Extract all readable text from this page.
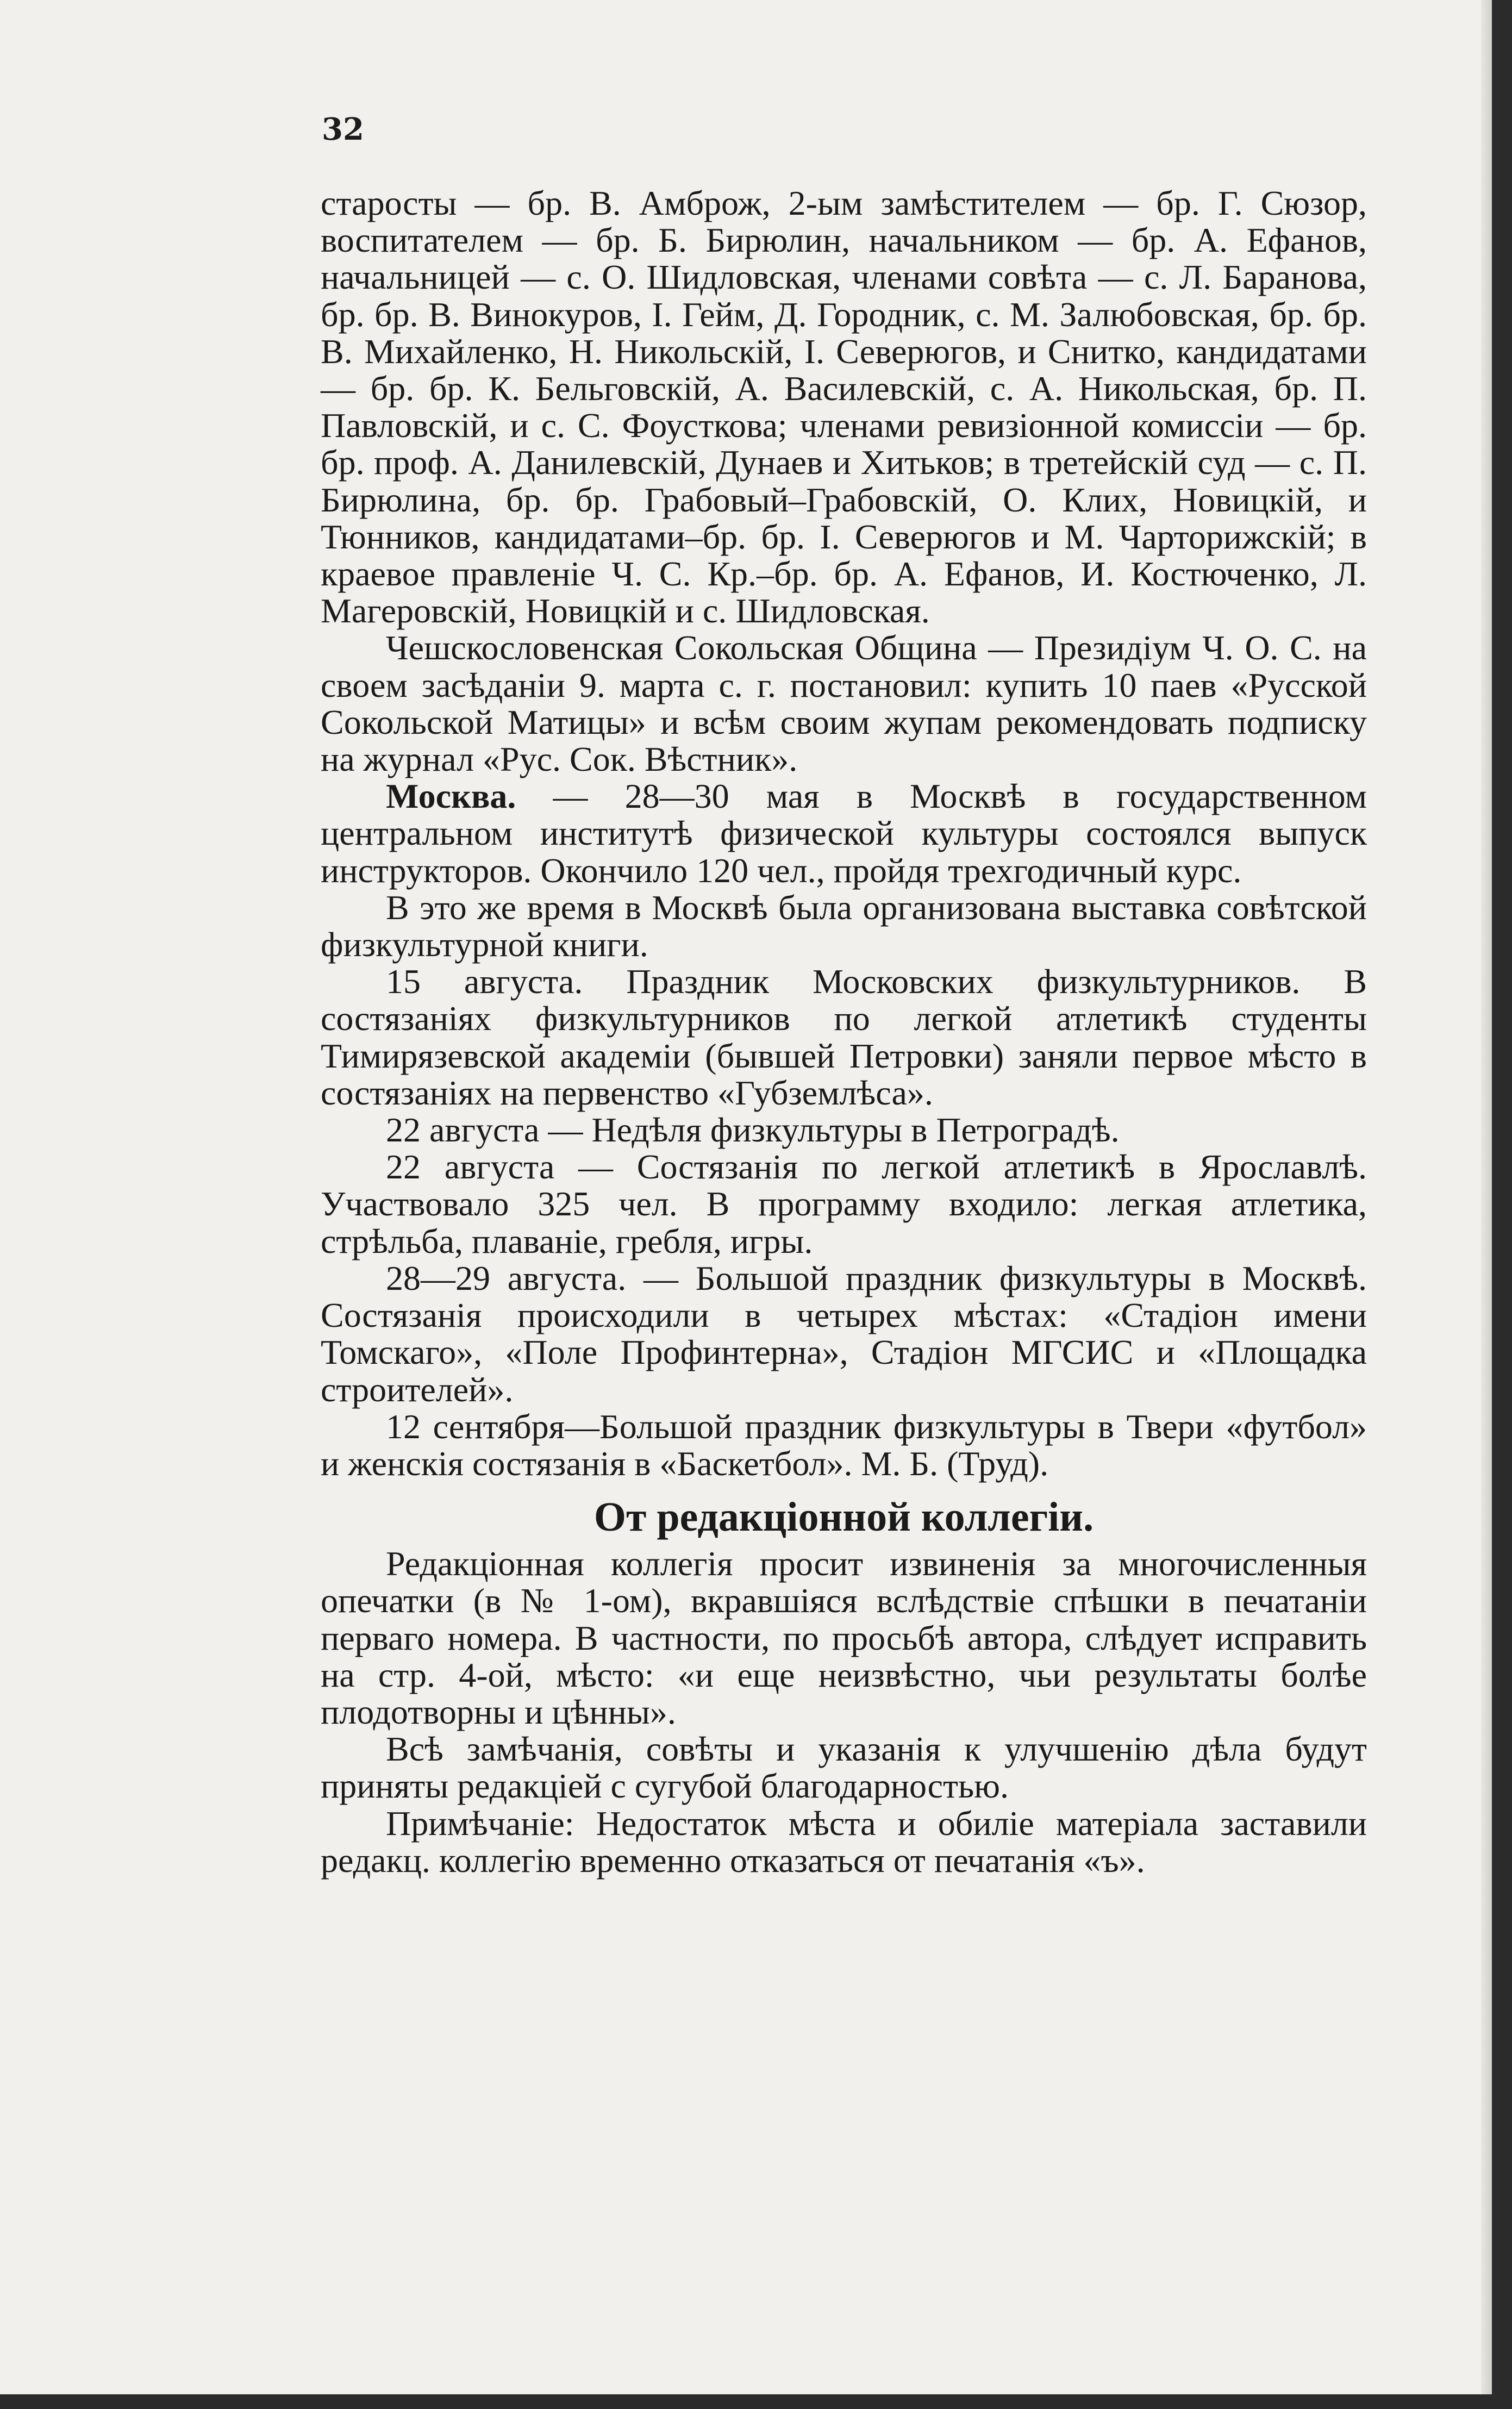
32

старосты — бр. В. Амброж, 2-ым замѣстителем — бр. Г. Сюзор, воспитателем — бр. Б. Бирюлин, начальником — бр. А. Ефанов, начальницей — с. О. Шидловская, членами совѣта — с. Л. Баранова, бр. бр. В. Винокуров, I. Гейм, Д. Городник, с. М. Залюбовская, бр. бр. В. Михайленко, Н. Никольскій, I. Северюгов, и Снитко, кандидатами — бр. бр. К. Бельговскій, А. Василевскій, с. А. Никольская, бр. П. Павловскій, и с. С. Фоусткова; членами ревизіонной комиссіи — бр. бр. проф. А. Данилевскій, Дунаев и Хитьков; в третейскій суд — с. П. Бирюлина, бр. бр. Грабовый–Грабовскій, О. Клих, Новицкій, и Тюнников, кандидатами–бр. бр. I. Северюгов и М. Чарторижскій; в краевое правленіе Ч. С. Кр.–бр. бр. А. Ефанов, И. Костюченко, Л. Магеровскій, Новицкій и с. Шидловская.

Чешскословенская Сокольская Община — Президіум Ч. О. С. на своем засѣданіи 9. марта с. г. постановил: купить 10 паев «Русской Сокольской Матицы» и всѣм своим жупам рекомендовать подписку на журнал «Рус. Сок. Вѣстник».

Москва. — 28—30 мая в Москвѣ в государственном центральном институтѣ физической культуры состоялся выпуск инструкторов. Окончило 120 чел., пройдя трехгодичный курс.

В это же время в Москвѣ была организована выставка совѣтской физкультурной книги.

15 августа. Праздник Московских физкультурников. В состязаніях физкультурников по легкой атлетикѣ студенты Тимирязевской академіи (бывшей Петровки) заняли первое мѣсто в состязаніях на первенство «Губземлѣса».

22 августа — Недѣля физкультуры в Петроградѣ.

22 августа — Состязанія по легкой атлетикѣ в Ярославлѣ. Участвовало 325 чел. В программу входило: легкая атлетика, стрѣльба, плаваніе, гребля, игры.

28—29 августа. — Большой праздник физкультуры в Москвѣ. Состязанія происходили в четырех мѣстах: «Стадіон имени Томскаго», «Поле Профинтерна», Стадіон МГСИС и «Площадка строителей».

12 сентября—Большой праздник физкультуры в Твери «футбол» и женскія состязанія в «Баскетбол». М. Б. (Труд).

От редакціонной коллегіи.

Редакціонная коллегія просит извиненія за многочисленныя опечатки (в № 1-ом), вкравшіяся вслѣдствіе спѣшки в печатаніи перваго номера. В частности, по просьбѣ автора, слѣдует исправить на стр. 4-ой, мѣсто: «и еще неизвѣстно, чьи результаты болѣе плодотворны и цѣнны».

Всѣ замѣчанія, совѣты и указанія к улучшенію дѣла будут приняты редакціей с сугубой благодарностью.

Примѣчаніе: Недостаток мѣста и обиліе матеріала заставили редакц. коллегію временно отказаться от печатанія «ъ».
